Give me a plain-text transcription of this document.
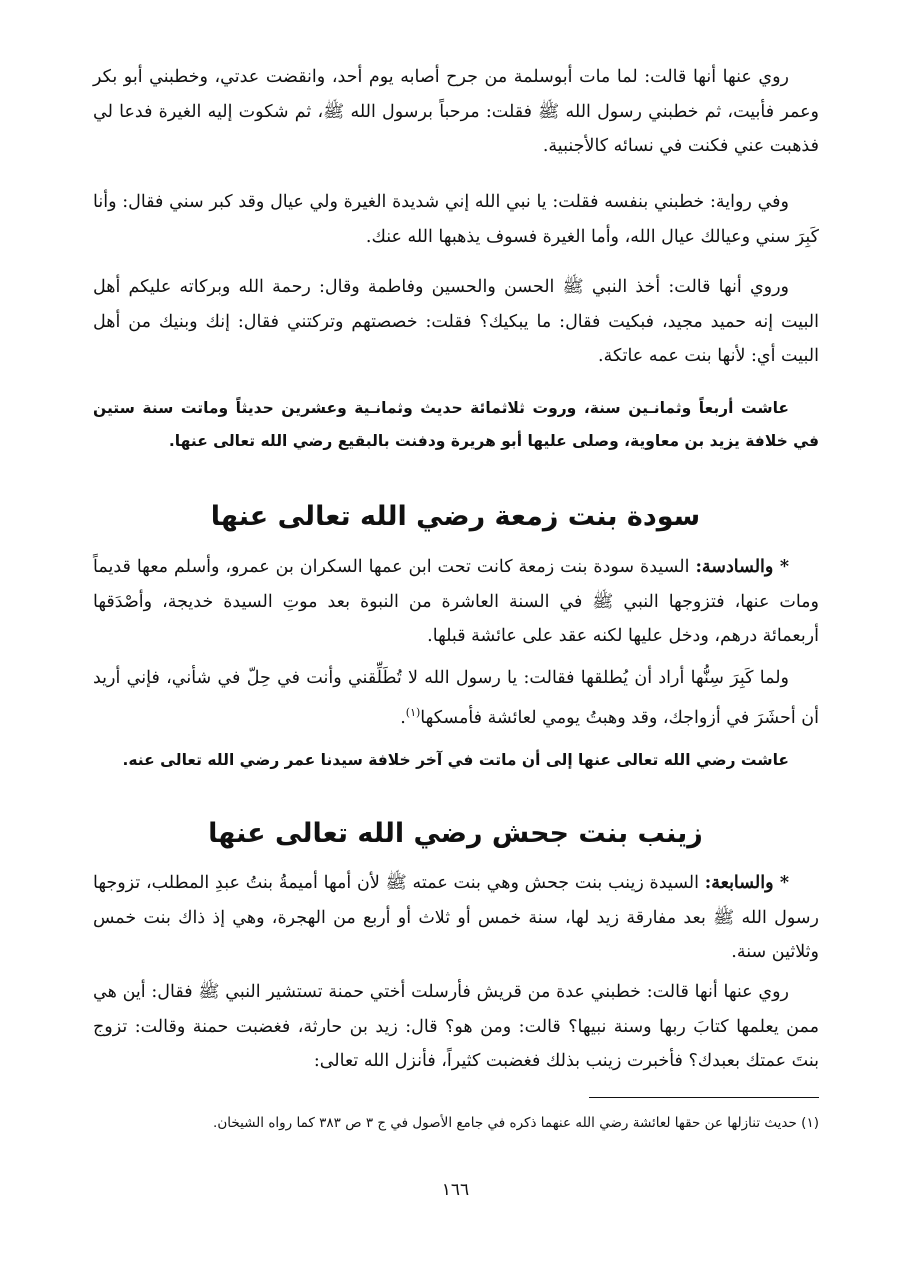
روي عنها أنها قالت: لما مات أبوسلمة من جرح أصابه يوم أحد، وانقضت عدتي، وخطبني أبو بكر وعمر فأبيت، ثم خطبني رسول الله ﷺ فقلت: مرحباً برسول الله ﷺ، ثم شكوت إليه الغيرة فدعا لي فذهبت عني فكنت في نسائه كالأجنبية.

وفي رواية: خطبني بنفسه فقلت: يا نبي الله إني شديدة الغيرة ولي عيال وقد كبر سني فقال: وأنا كَبِرَ سني وعيالك عيال الله، وأما الغيرة فسوف يذهبها الله عنك.

وروي أنها قالت: أخذ النبي ﷺ الحسن والحسين وفاطمة وقال: رحمة الله وبركاته عليكم أهل البيت إنه حميد مجيد، فبكيت فقال: ما يبكيك؟ فقلت: خصصتهم وتركتني فقال: إنك وبنيك من أهل البيت أي: لأنها بنت عمه عاتكة.

عاشت أربعاً وثمانـين سنة، وروت ثلاثمائة حديث وثمانـية وعشرين حديثاً وماتت سنة ستين في خلافة يزيد بن معاوية، وصلى عليها أبو هريرة ودفنت بالبقيع رضي الله تعالى عنها.

سودة بنت زمعة رضي الله تعالى عنها

* والسادسة: السيدة سودة بنت زمعة كانت تحت ابن عمها السكران بن عمرو، وأسلم معها قديماً ومات عنها، فتزوجها النبي ﷺ في السنة العاشرة من النبوة بعد موتِ السيدة خديجة، وأصْدَقها أربعمائة درهم، ودخل عليها لكنه عقد على عائشة قبلها.

ولما كَبِرَ سِنُّها أراد أن يُطلقها فقالت: يا رسول الله لا تُطَلِّقني وأنت في حِلّ في شأني، فإني أريد أن أحشَرَ في أزواجك، وقد وهبتُ يومي لعائشة فأمسكها$^{(١)}$.

عاشت رضي الله تعالى عنها إلى أن ماتت في آخر خلافة سيدنا عمر رضي الله تعالى عنه.

زينب بنت جحش رضي الله تعالى عنها

* والسابعة: السيدة زينب بنت جحش وهي بنت عمته ﷺ لأن أمها أميمةُ بنتُ عبدِ المطلب، تزوجها رسول الله ﷺ بعد مفارقة زيد لها، سنة خمس أو ثلاث أو أربع من الهجرة، وهي إذ ذاك بنت خمس وثلاثين سنة.

روي عنها أنها قالت: خطبني عدة من قريش فأرسلت أختي حمنة تستشير النبي ﷺ فقال: أين هي ممن يعلمها كتابَ ربها وسنة نبيها؟ قالت: ومن هو؟ قال: زيد بن حارثة، فغضبت حمنة وقالت: تزوج بنتَ عمتك بعبدك؟ فأخبرت زينب بذلك فغضبت كثيراً، فأنزل الله تعالى:

(١) حديث تنازلها عن حقها لعائشة رضي الله عنهما ذكره في جامع الأصول في ج ٣ ص ٣٨٣ كما رواه الشيخان.

١٦٦
